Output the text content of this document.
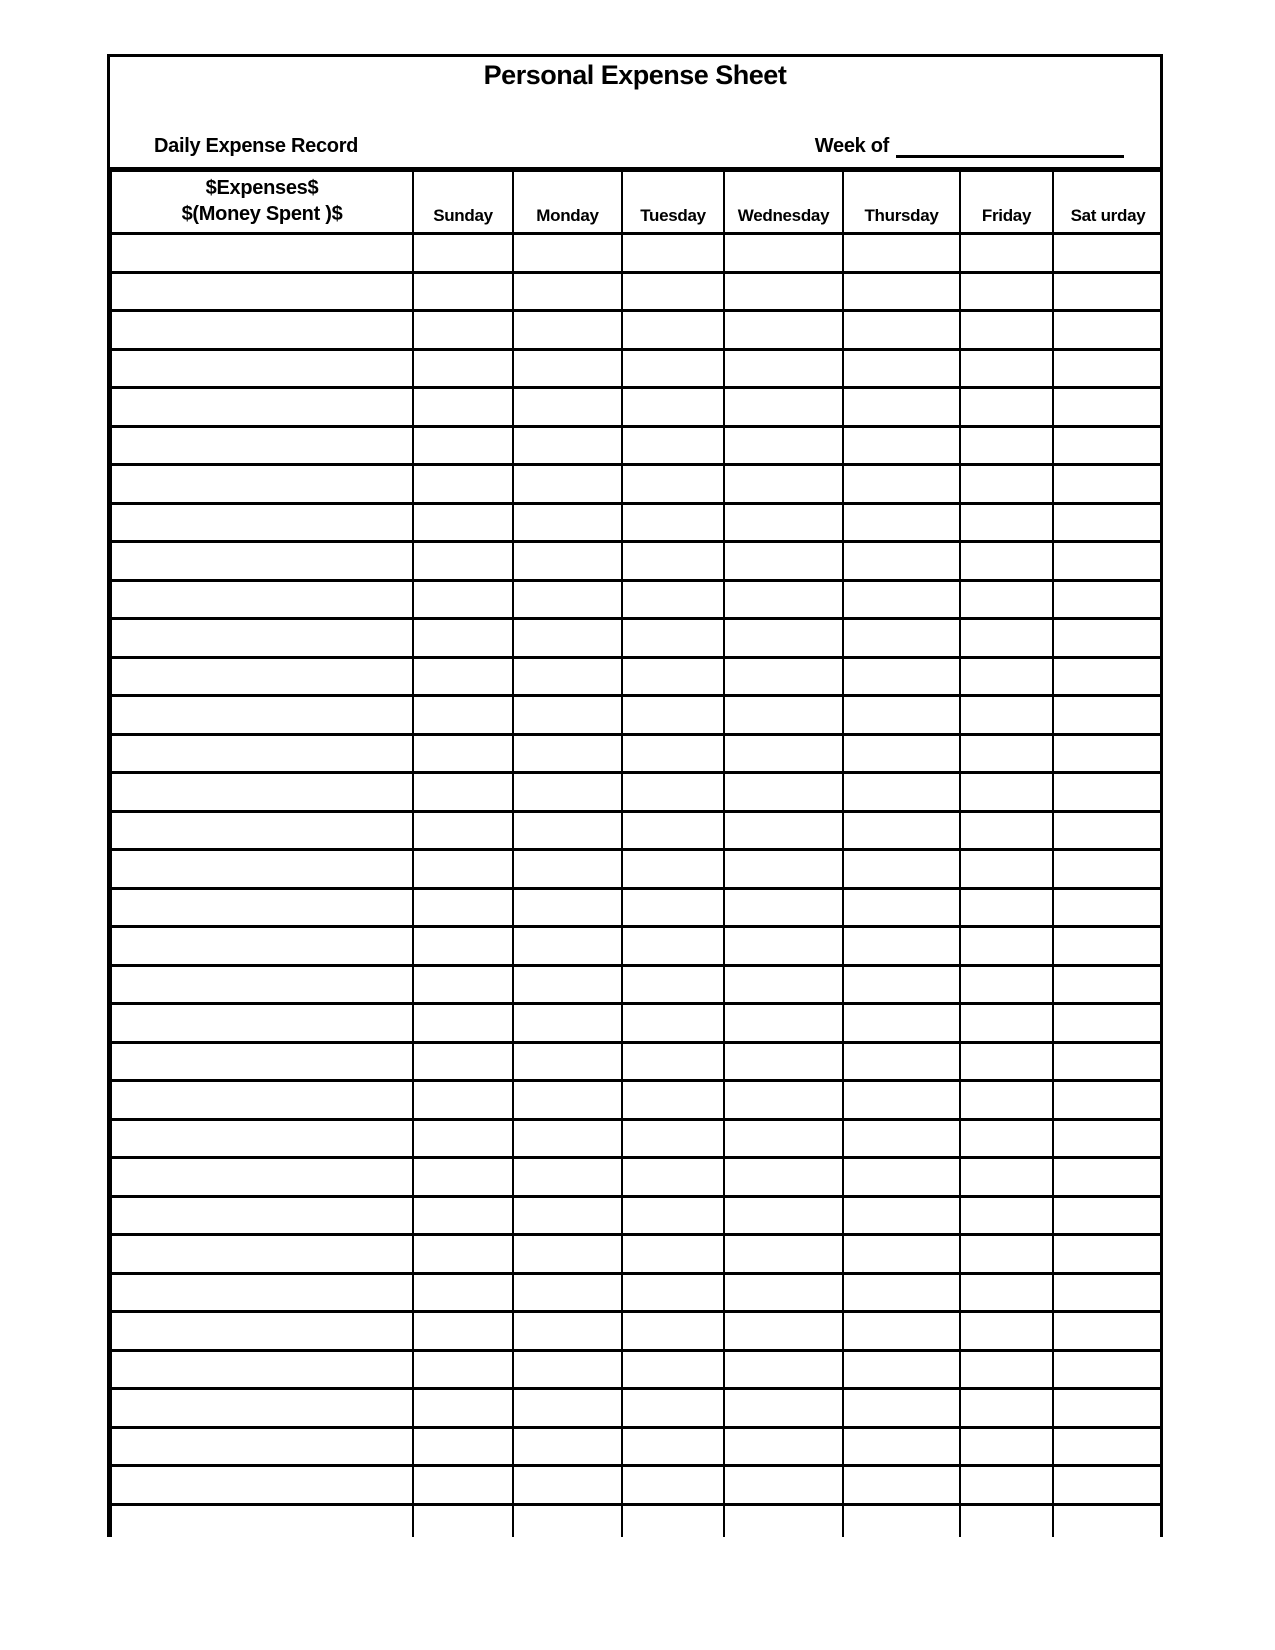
Personal Expense Sheet
Daily Expense Record	Week of
$Expenses$
$(Money Spent )$	Sunday	Monday	Tuesday	Wednesday	Thursday	Friday	Sat urday
